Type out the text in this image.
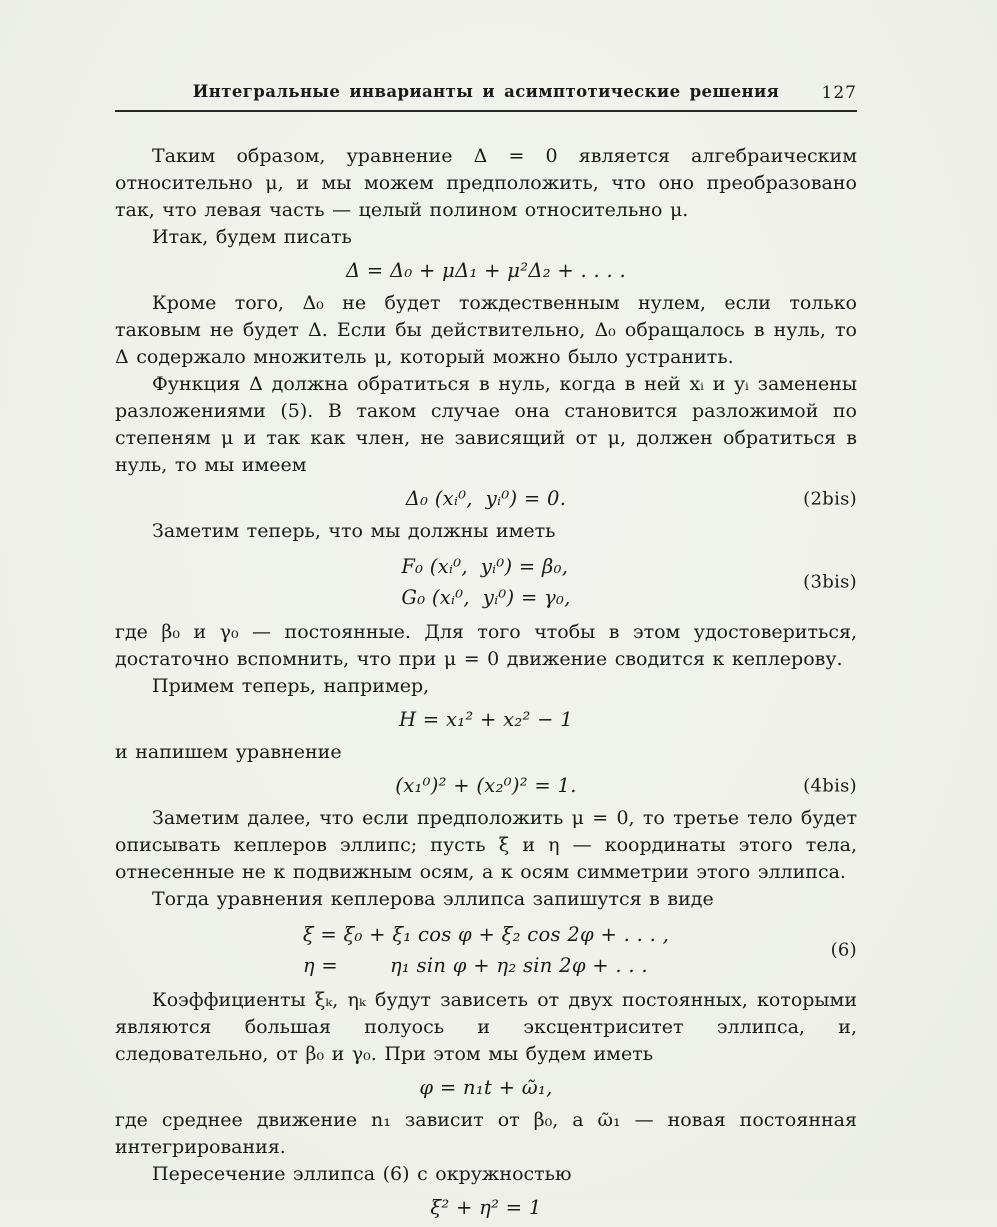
Интегральные инварианты и асимптотические решения	127

Таким образом, уравнение Δ = 0 является алгебраическим относительно μ, и мы можем предположить, что оно преобразовано так, что левая часть — целый полином относительно μ.

Итак, будем писать

Δ = Δ₀ + μΔ₁ + μ²Δ₂ + . . . .

Кроме того, Δ₀ не будет тождественным нулем, если только таковым не будет Δ. Если бы действительно, Δ₀ обращалось в нуль, то Δ содержало множитель μ, который можно было устранить.

Функция Δ должна обратиться в нуль, когда в ней xᵢ и yᵢ заменены разложениями (5). В таком случае она становится разложимой по степеням μ и так как член, не зависящий от μ, должен обратиться в нуль, то мы имеем

Δ₀ (xᵢ⁰,  yᵢ⁰) = 0.	(2bis)

Заметим теперь, что мы должны иметь

F₀ (xᵢ⁰,  yᵢ⁰) = β₀,
G₀ (xᵢ⁰,  yᵢ⁰) = γ₀,
(3bis)

где β₀ и γ₀ — постоянные. Для того чтобы в этом удостовериться, достаточно вспомнить, что при μ = 0 движение сводится к кеплерову.

Примем теперь, например,

H = x₁² + x₂² − 1

и напишем уравнение

(x₁⁰)² + (x₂⁰)² = 1.	(4bis)

Заметим далее, что если предположить μ = 0, то третье тело будет описывать кеплеров эллипс; пусть ξ и η — координаты этого тела, отнесенные не к подвижным осям, а к осям симметрии этого эллипса.

Тогда уравнения кеплерова эллипса запишутся в виде

ξ = ξ₀ + ξ₁ cos φ + ξ₂ cos 2φ + . . . ,
η =        η₁ sin φ + η₂ sin 2φ + . . .
(6)

Коэффициенты ξₖ, ηₖ будут зависеть от двух постоянных, которыми являются большая полуось и эксцентриситет эллипса, и, следовательно, от β₀ и γ₀. При этом мы будем иметь

φ = n₁t + ῶ₁,

где среднее движение n₁ зависит от β₀, а ῶ₁ — новая постоянная интегрирования.

Пересечение эллипса (6) с окружностью

ξ² + η² = 1
